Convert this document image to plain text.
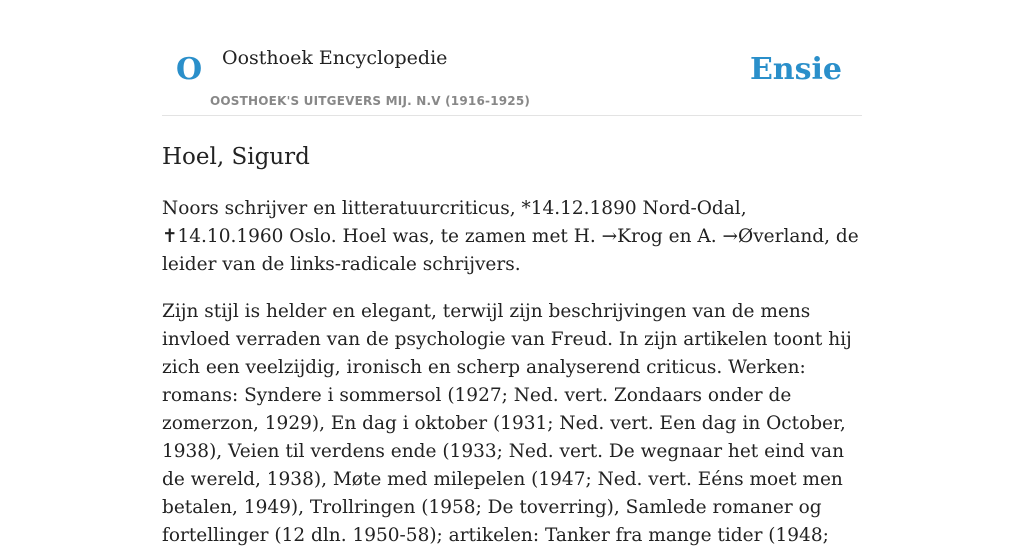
O Oosthoek Encyclopedie
OOSTHOEK'S UITGEVERS MIJ. N.V (1916-1925)
Ensie
Hoel, Sigurd

Noors schrijver en litteratuurcriticus, *14.12.1890 Nord-Odal, ✝14.10.1960 Oslo. Hoel was, te zamen met H. →Krog en A. →Øverland, de leider van de links-radicale schrijvers.

Zijn stijl is helder en elegant, terwijl zijn beschrijvingen van de mens invloed verraden van de psychologie van Freud. In zijn artikelen toont hij zich een veelzijdig, ironisch en scherp analyserend criticus. Werken: romans: Syndere i sommersol (1927; Ned. vert. Zondaars onder de zomerzon, 1929), En dag i oktober (1931; Ned. vert. Een dag in October, 1938), Veien til verdens ende (1933; Ned. vert. De wegnaar het eind van de wereld, 1938), Møte med milepelen (1947; Ned. vert. Eéns moet men betalen, 1949), Trollringen (1958; De toverring), Samlede romaner og fortellinger (12 dln. 1950-58); artikelen: Tanker fra mange tider (1948;
